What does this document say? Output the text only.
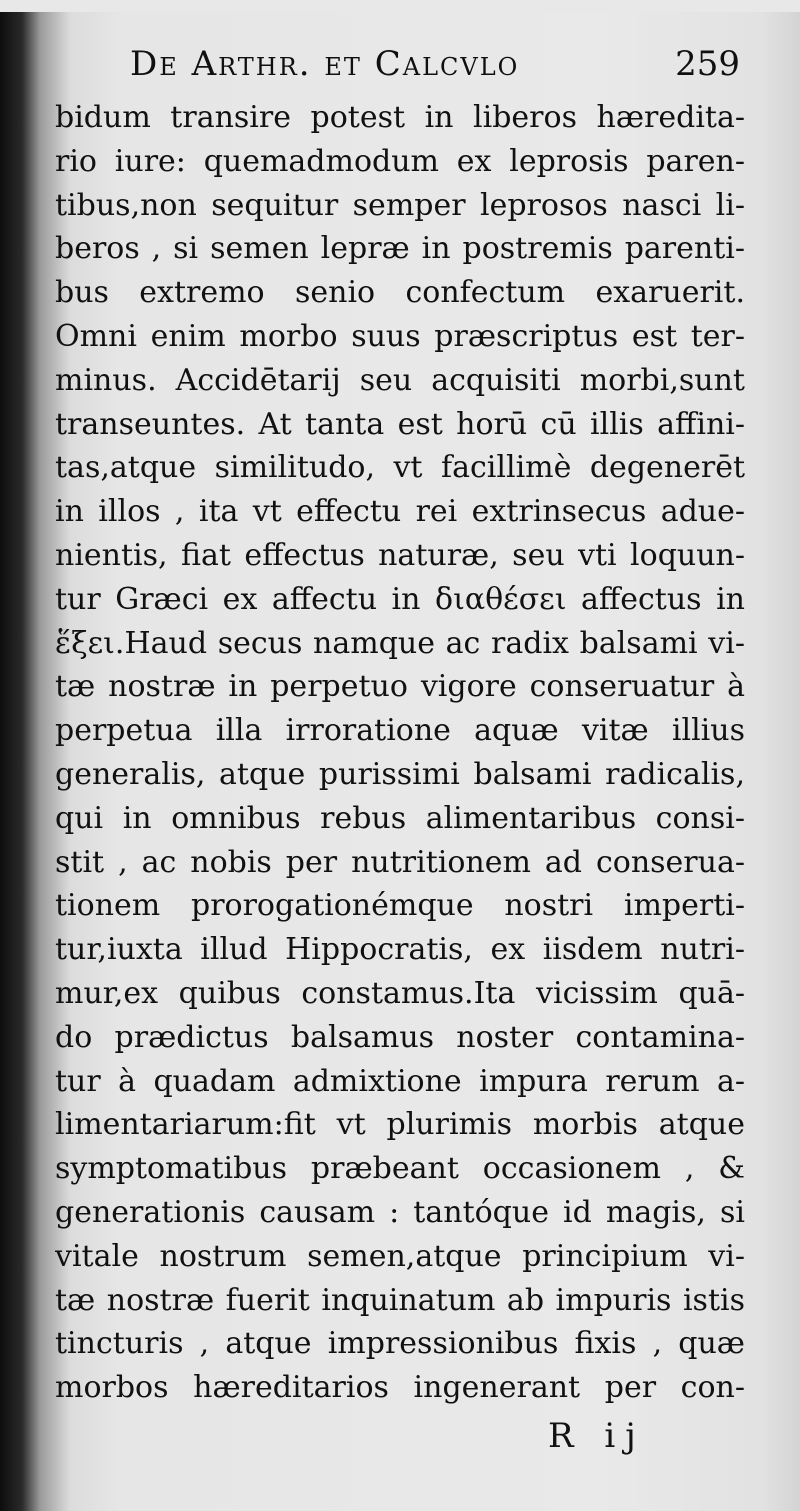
De Arthr. et Calcvlo	259
bidum transire potest in liberos hæredita-
rio iure: quemadmodum ex leprosis paren-
tibus,non sequitur semper leprosos nasci li-
beros , si semen lepræ in postremis parenti-
bus extremo senio confectum exaruerit.
Omni enim morbo suus præscriptus est ter-
minus. Accidētarij seu acquisiti morbi,sunt
transeuntes. At tanta est horū cū illis affini-
tas,atque similitudo, vt facillimè degenerēt
in illos , ita vt effectu rei extrinsecus adue-
nientis, fiat effectus naturæ, seu vti loquun-
tur Græci ex affectu in διαθέσει affectus in
ἕξει.Haud secus namque ac radix balsami vi-
tæ nostræ in perpetuo vigore conseruatur à
perpetua illa irroratione aquæ vitæ illius
generalis, atque purissimi balsami radicalis,
qui in omnibus rebus alimentaribus consi-
stit , ac nobis per nutritionem ad conserua-
tionem prorogationémque nostri imperti-
tur,iuxta illud Hippocratis, ex iisdem nutri-
mur,ex quibus constamus.Ita vicissim quā-
do prædictus balsamus noster contamina-
tur à quadam admixtione impura rerum a-
limentariarum:fit vt plurimis morbis atque
symptomatibus præbeant occasionem , &
generationis causam : tantóque id magis, si
vitale nostrum semen,atque principium vi-
tæ nostræ fuerit inquinatum ab impuris istis
tincturis , atque impressionibus fixis , quæ
morbos hæreditarios ingenerant per con-
R ij
